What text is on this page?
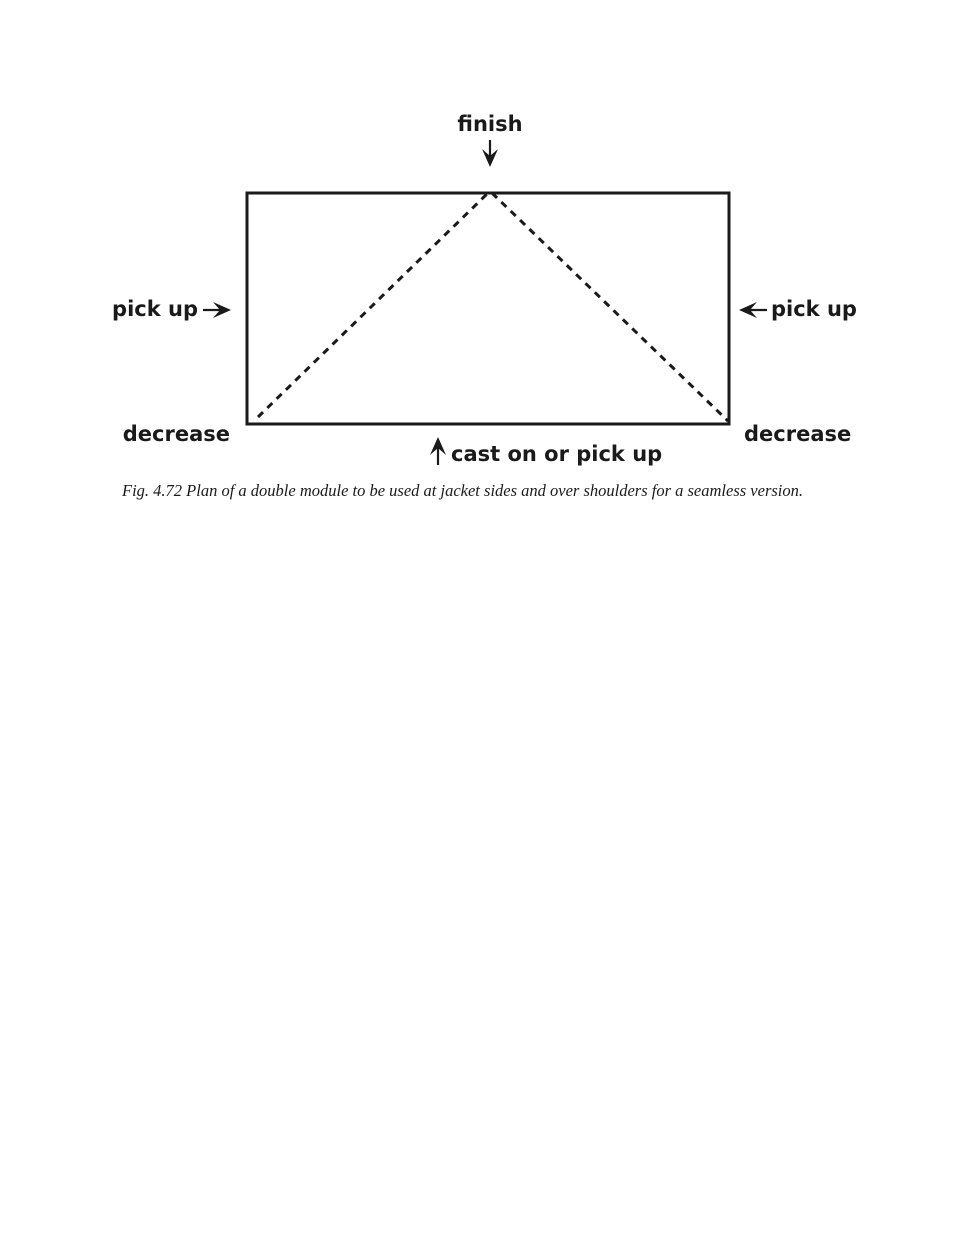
finish
pick up	pick up
decrease	decrease
cast on or pick up

Fig. 4.72 Plan of a double module to be used at jacket sides and over shoulders for a seamless version.
